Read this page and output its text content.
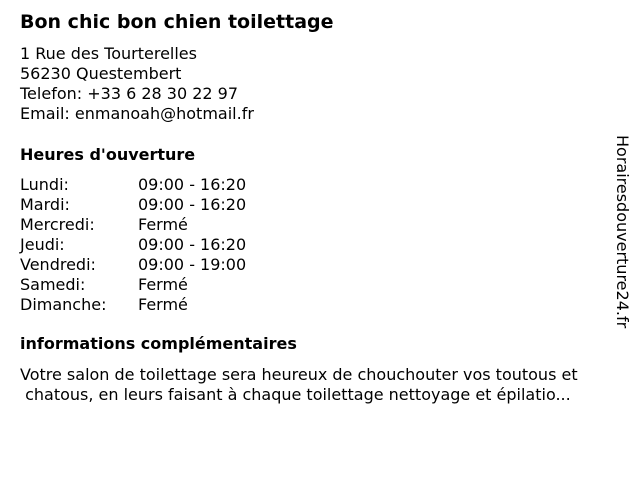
Bon chic bon chien toilettage
1 Rue des Tourterelles
56230 Questembert
Telefon: +33 6 28 30 22 97
Email: enmanoah@hotmail.fr
Heures d'ouverture
Lundi:	09:00 - 16:20
Mardi:	09:00 - 16:20
Mercredi:	Fermé
Jeudi:	09:00 - 16:20
Vendredi:	09:00 - 19:00
Samedi:	Fermé
Dimanche: Fermé
informations complémentaires
Votre salon de toilettage sera heureux de chouchouter vos toutous et
chatous, en leurs faisant à chaque toilettage nettoyage et épilatio...
Horairesdouverture24.fr
